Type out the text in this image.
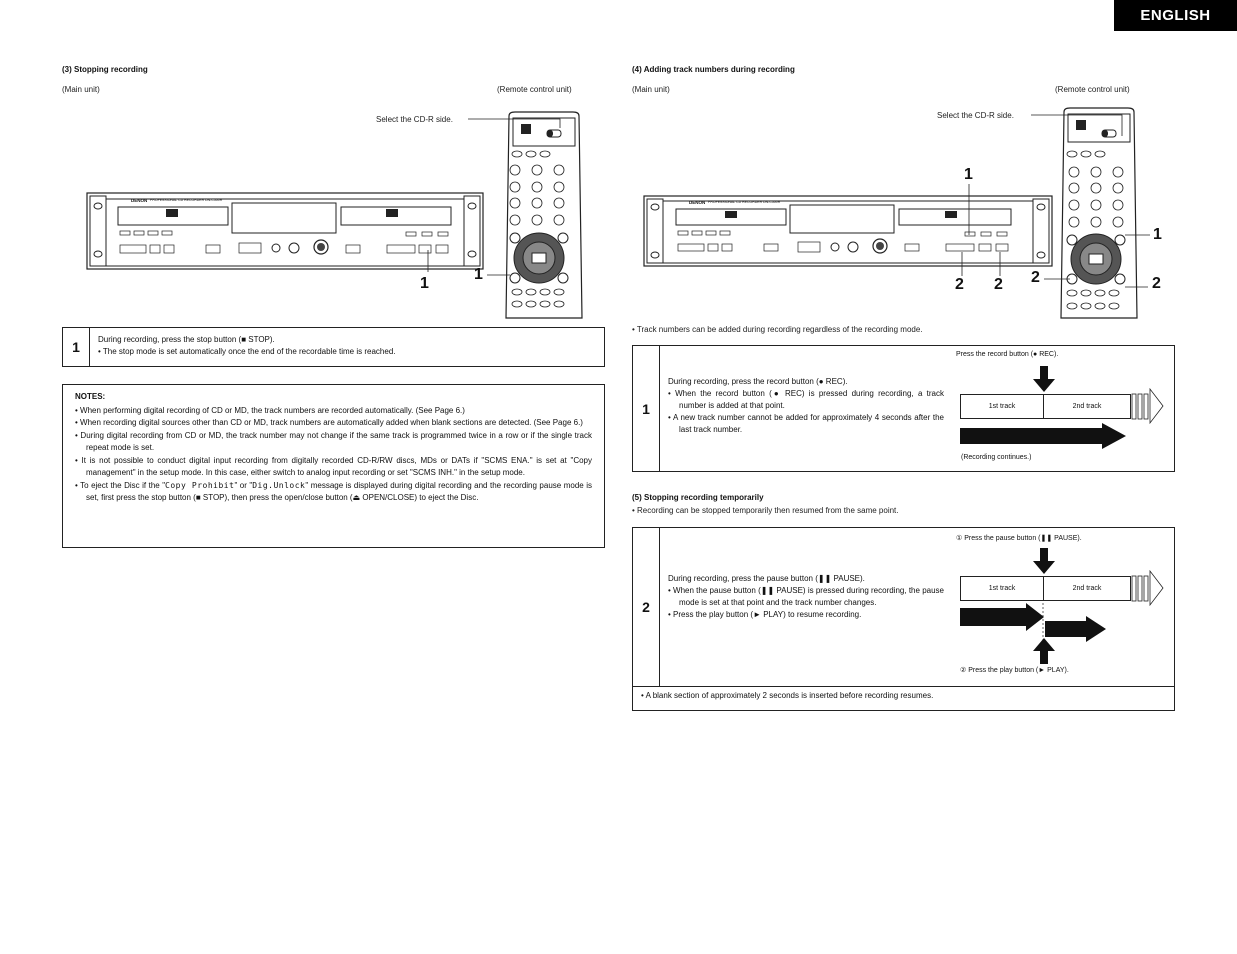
ENGLISH
(3) Stopping recording
(Main unit)	(Remote control unit)
Select the CD-R side.
DENON PROFESSIONAL CD RECORDER DN-C550R
1
1
1	During recording, press the stop button (■ STOP).
• The stop mode is set automatically once the end of the recordable time is reached.
NOTES:
• When performing digital recording of CD or MD, the track numbers are recorded automatically. (See Page 6.)
• When recording digital sources other than CD or MD, track numbers are automatically added when blank sections are detected. (See Page 6.)
• During digital recording from CD or MD, the track number may not change if the same track is programmed twice in a row or if the single track repeat mode is set.
• It is not possible to conduct digital input recording from digitally recorded CD-R/RW discs, MDs or DATs if "SCMS ENA." is set at "Copy management" in the setup mode. In this case, either switch to analog input recording or set "SCMS INH." in the setup mode.
• To eject the Disc if the "Copy Prohibit" or "Dig.Unlock" message is displayed during digital recording and the recording pause mode is set, first press the stop button (■ STOP), then press the open/close button (⏏ OPEN/CLOSE) to eject the Disc.
(4) Adding track numbers during recording
(Main unit)	(Remote control unit)
Select the CD-R side.
DENON PROFESSIONAL CD RECORDER DN-C550R
1
1
2 2 2	2
• Track numbers can be added during recording regardless of the recording mode.
1
During recording, press the record button (● REC).
• When the record button (● REC) is pressed during recording, a track number is added at that point.
• A new track number cannot be added for approximately 4 seconds after the last track number.
Press the record button (● REC).
1st track	2nd track
(Recording continues.)
(5) Stopping recording temporarily
• Recording can be stopped temporarily then resumed from the same point.
2
During recording, press the pause button (❚❚ PAUSE).
• When the pause button (❚❚ PAUSE) is pressed during recording, the pause mode is set at that point and the track number changes.
• Press the play button (► PLAY) to resume recording.
• A blank section of approximately 2 seconds is inserted before recording resumes.
① Press the pause button (❚❚ PAUSE).
1st track	2nd track
② Press the play button (► PLAY).
